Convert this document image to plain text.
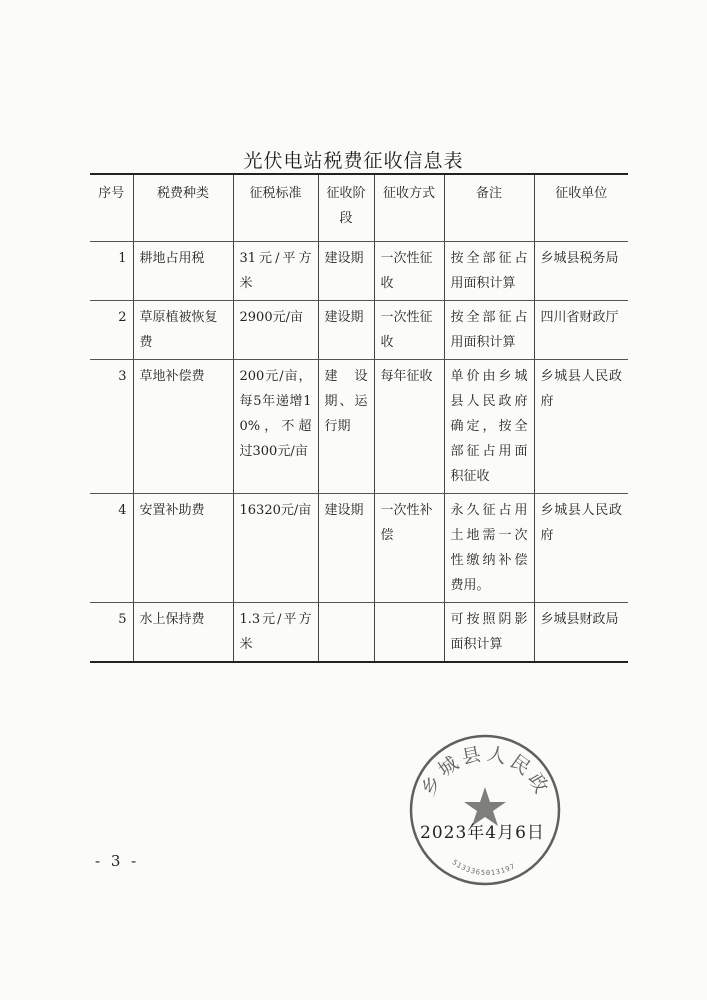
光伏电站税费征收信息表
序号	税费种类	征税标准	征收阶段	征收方式	备注	征收单位
1	耕地占用税	31元/平方米	建设期	一次性征收	按全部征占用面积计算	乡城县税务局
2	草原植被恢复费	2900元/亩	建设期	一次性征收	按全部征占用面积计算	四川省财政厅
3	草地补偿费	200元/亩，每5年递增10%，不超过300元/亩	建设期、运行期	每年征收	单价由乡城县人民政府确定，按全部征占用面积征收	乡城县人民政府
4	安置补助费	16320元/亩	建设期	一次性补偿	永久征占用土地需一次性缴纳补偿费用。	乡城县人民政府
5	水上保持费	1.3元/平方米			可按照阴影面积计算	乡城县财政局
乡城县人民政
5133365013197
2023年4月6日
- 3 -
